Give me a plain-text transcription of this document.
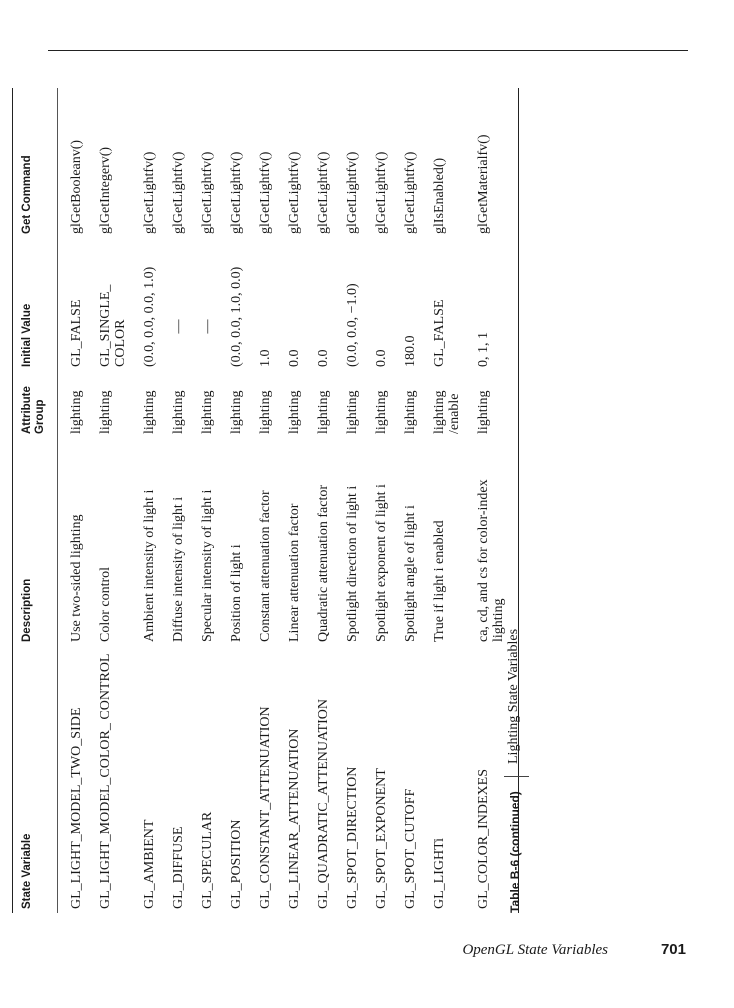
State Variable	Description	Attribute Group	Initial Value	Get Command
GL_LIGHT_MODEL_TWO_SIDE	Use two-sided lighting	lighting	GL_FALSE	glGetBooleanv()
GL_LIGHT_MODEL_COLOR_ CONTROL	Color control	lighting	GL_SINGLE_ COLOR	glGetIntegerv()
GL_AMBIENT	Ambient intensity of light i	lighting	(0.0, 0.0, 0.0, 1.0)	glGetLightfv()
GL_DIFFUSE	Diffuse intensity of light i	lighting	—	glGetLightfv()
GL_SPECULAR	Specular intensity of light i	lighting	—	glGetLightfv()
GL_POSITION	Position of light i	lighting	(0.0, 0.0, 1.0, 0.0)	glGetLightfv()
GL_CONSTANT_ATTENUATION	Constant attenuation factor	lighting	1.0	glGetLightfv()
GL_LINEAR_ATTENUATION	Linear attenuation factor	lighting	0.0	glGetLightfv()
GL_QUADRATIC_ATTENUATION	Quadratic attenuation factor	lighting	0.0	glGetLightfv()
GL_SPOT_DIRECTION	Spotlight direction of light i	lighting	(0.0, 0.0, −1.0)	glGetLightfv()
GL_SPOT_EXPONENT	Spotlight exponent of light i	lighting	0.0	glGetLightfv()
GL_SPOT_CUTOFF	Spotlight angle of light i	lighting	180.0	glGetLightfv()
GL_LIGHTi	True if light i enabled	lighting /enable	GL_FALSE	glIsEnabled()
GL_COLOR_INDEXES	ca, cd, and cs for color-index lighting	lighting	0, 1, 1	glGetMaterialfv()
Table B-6 (continued)
Lighting State Variables
OpenGL State Variables	701
